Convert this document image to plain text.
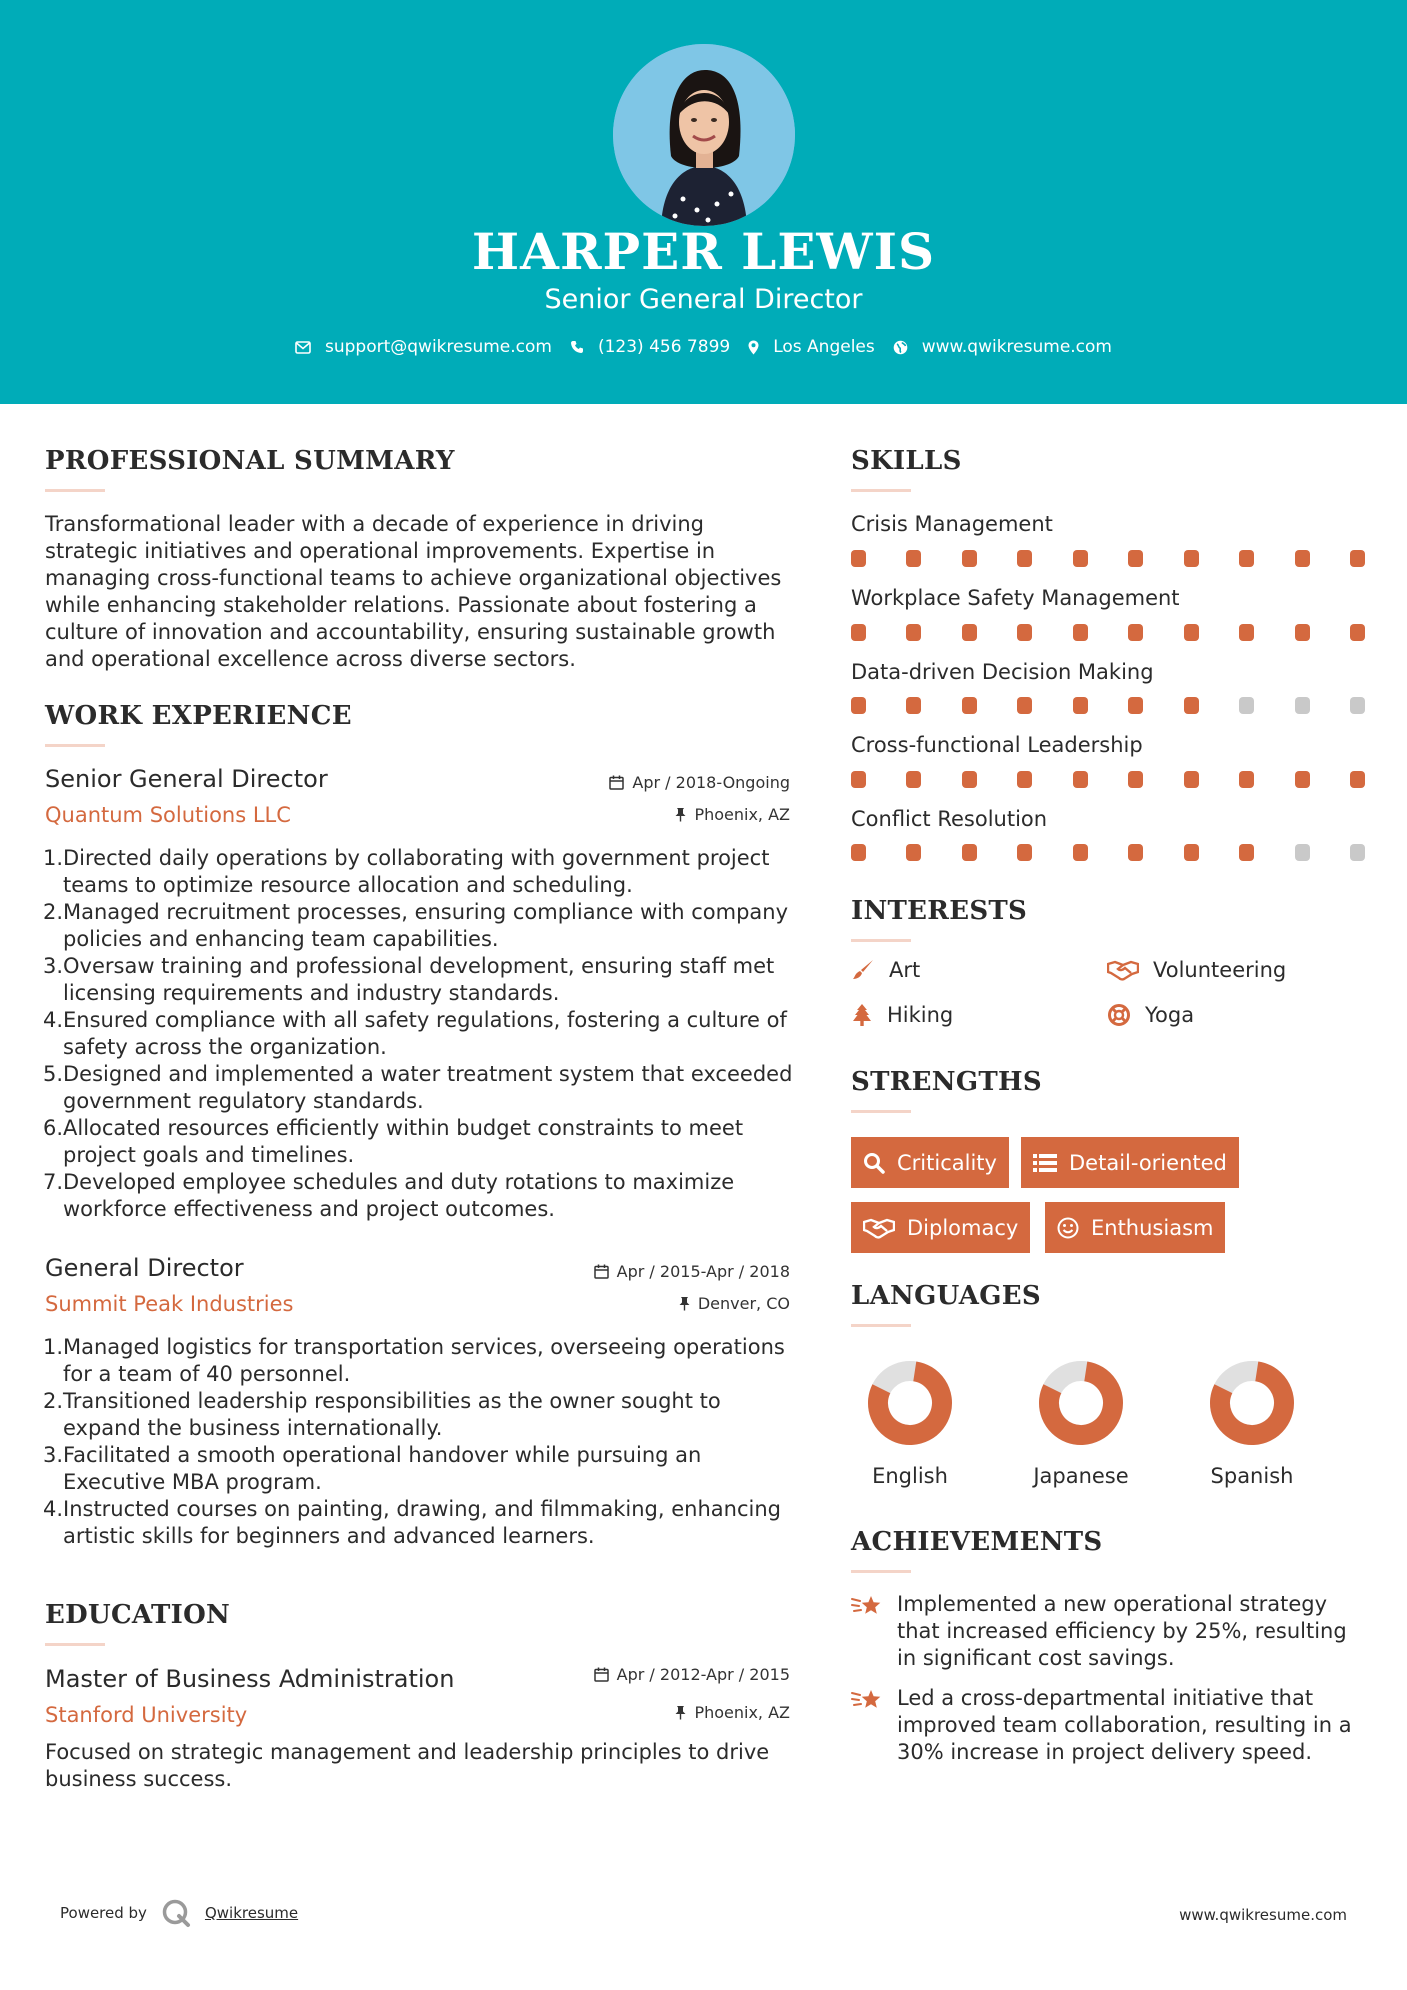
HARPER LEWIS
Senior General Director
support@qwikresume.com	(123) 456 7899	Los Angeles	www.qwikresume.com
PROFESSIONAL SUMMARY
Transformational leader with a decade of experience in driving strategic initiatives and operational improvements. Expertise in managing cross-functional teams to achieve organizational objectives while enhancing stakeholder relations. Passionate about fostering a culture of innovation and accountability, ensuring sustainable growth and operational excellence across diverse sectors.
WORK EXPERIENCE
Senior General Director
Quantum Solutions LLC
Apr / 2018-Ongoing
Phoenix, AZ
1. Directed daily operations by collaborating with government project teams to optimize resource allocation and scheduling.
2. Managed recruitment processes, ensuring compliance with company policies and enhancing team capabilities.
3. Oversaw training and professional development, ensuring staff met licensing requirements and industry standards.
4. Ensured compliance with all safety regulations, fostering a culture of safety across the organization.
5. Designed and implemented a water treatment system that exceeded government regulatory standards.
6. Allocated resources efficiently within budget constraints to meet project goals and timelines.
7. Developed employee schedules and duty rotations to maximize workforce effectiveness and project outcomes.
General Director
Summit Peak Industries
Apr / 2015-Apr / 2018
Denver, CO
1. Managed logistics for transportation services, overseeing operations for a team of 40 personnel.
2. Transitioned leadership responsibilities as the owner sought to expand the business internationally.
3. Facilitated a smooth operational handover while pursuing an Executive MBA program.
4. Instructed courses on painting, drawing, and filmmaking, enhancing artistic skills for beginners and advanced learners.
EDUCATION
Master of Business Administration
Stanford University
Apr / 2012-Apr / 2015
Phoenix, AZ
Focused on strategic management and leadership principles to drive business success.
SKILLS
Crisis Management
Workplace Safety Management
Data-driven Decision Making
Cross-functional Leadership
Conflict Resolution
INTERESTS
Art	Volunteering
Hiking	Yoga
STRENGTHS
Criticality	Detail-oriented
Diplomacy	Enthusiasm
LANGUAGES
English	Japanese	Spanish
ACHIEVEMENTS
Implemented a new operational strategy that increased efficiency by 25%, resulting in significant cost savings.
Led a cross-departmental initiative that improved team collaboration, resulting in a 30% increase in project delivery speed.
Powered by	Qwikresume	www.qwikresume.com
